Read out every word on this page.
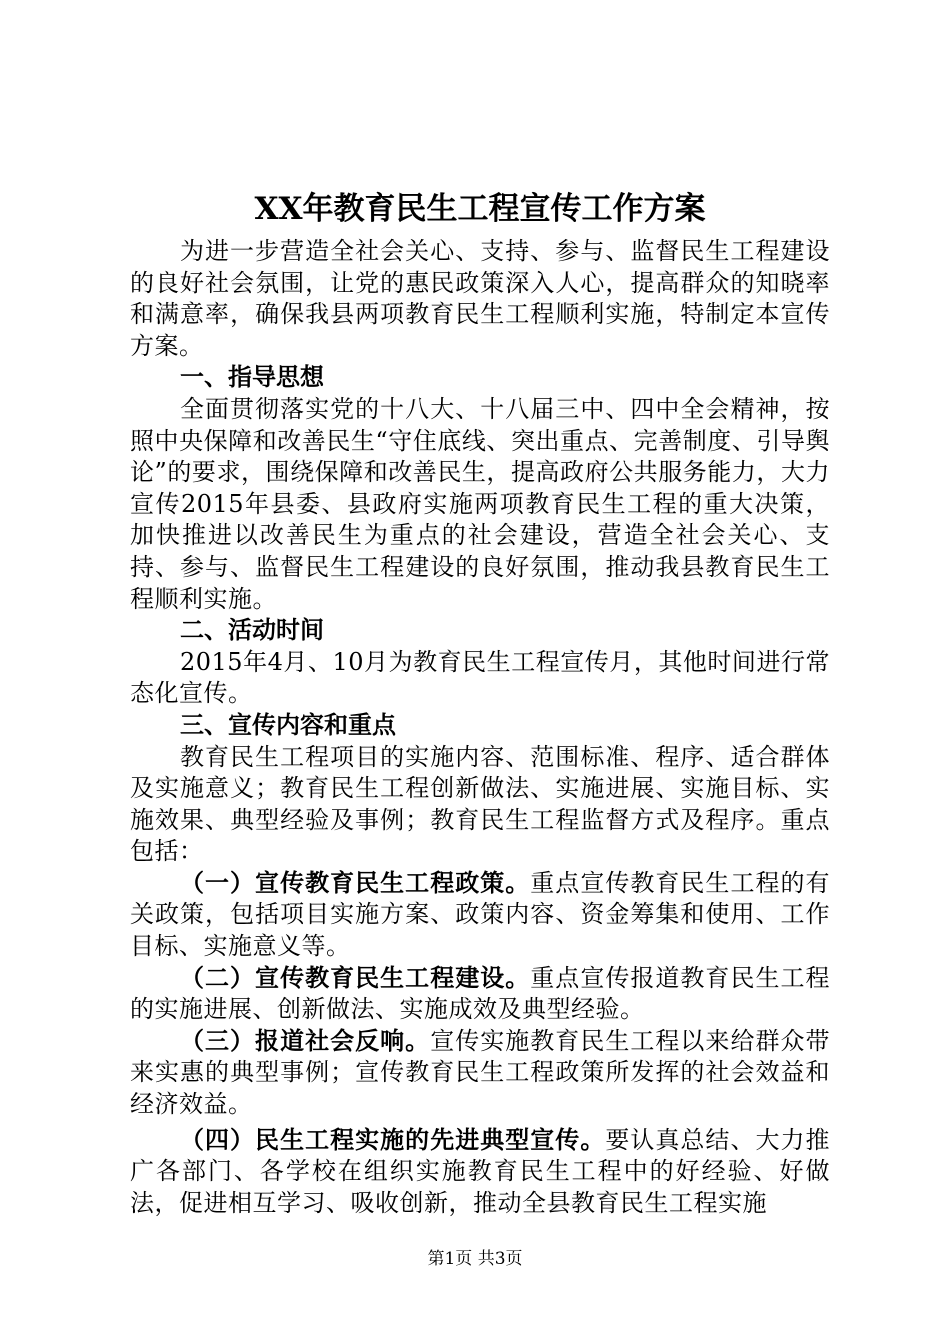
XX年教育民生工程宣传工作方案

为进一步营造全社会关心、支持、参与、监督民生工程建设的良好社会氛围，让党的惠民政策深入人心，提高群众的知晓率和满意率，确保我县两项教育民生工程顺利实施，特制定本宣传方案。

一、指导思想

全面贯彻落实党的十八大、十八届三中、四中全会精神，按照中央保障和改善民生“守住底线、突出重点、完善制度、引导舆论”的要求，围绕保障和改善民生，提高政府公共服务能力，大力宣传2015年县委、县政府实施两项教育民生工程的重大决策，加快推进以改善民生为重点的社会建设，营造全社会关心、支持、参与、监督民生工程建设的良好氛围，推动我县教育民生工程顺利实施。

二、活动时间

2015年4月、10月为教育民生工程宣传月，其他时间进行常态化宣传。

三、宣传内容和重点

教育民生工程项目的实施内容、范围标准、程序、适合群体及实施意义；教育民生工程创新做法、实施进展、实施目标、实施效果、典型经验及事例；教育民生工程监督方式及程序。重点包括：

（一）宣传教育民生工程政策。重点宣传教育民生工程的有关政策，包括项目实施方案、政策内容、资金筹集和使用、工作目标、实施意义等。

（二）宣传教育民生工程建设。重点宣传报道教育民生工程的实施进展、创新做法、实施成效及典型经验。

（三）报道社会反响。宣传实施教育民生工程以来给群众带来实惠的典型事例；宣传教育民生工程政策所发挥的社会效益和经济效益。

（四）民生工程实施的先进典型宣传。要认真总结、大力推广各部门、各学校在组织实施教育民生工程中的好经验、好做法，促进相互学习、吸收创新，推动全县教育民生工程实施

第1页 共3页
